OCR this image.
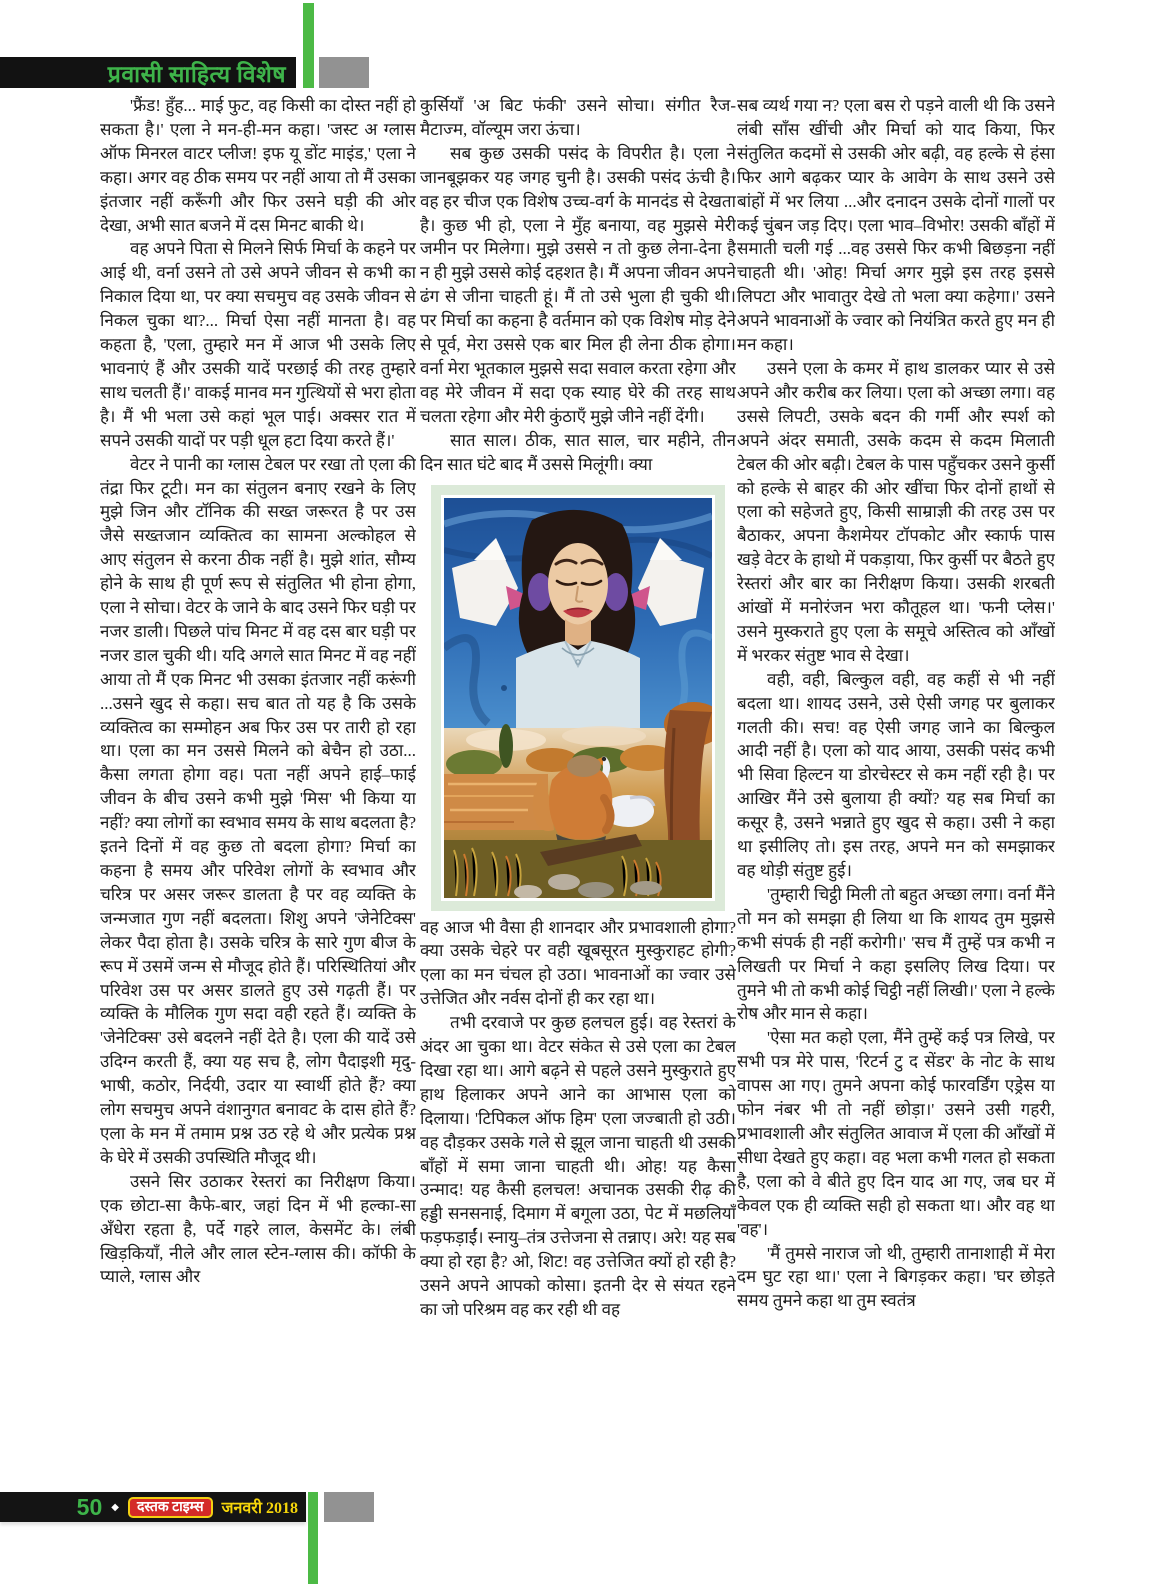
प्रवासी साहित्य विशेष

'फ्रैंड! हुँह... माई फुट, वह किसी का दोस्त नहीं हो सकता है।' एला ने मन-ही-मन कहा। 'जस्ट अ ग्लास ऑफ मिनरल वाटर प्लीज! इफ यू डोंट माइंड,' एला ने कहा। अगर वह ठीक समय पर नहीं आया तो मैं उसका इंतजार नहीं करूँगी और फिर उसने घड़ी की ओर देखा, अभी सात बजने में दस मिनट बाकी थे।

वह अपने पिता से मिलने सिर्फ मिर्चा के कहने पर आई थी, वर्ना उसने तो उसे अपने जीवन से कभी का निकाल दिया था, पर क्या सचमुच वह उसके जीवन से निकल चुका था?... मिर्चा ऐसा नहीं मानता है। वह कहता है, 'एला, तुम्हारे मन में आज भी उसके लिए भावनाएं हैं और उसकी यादें परछाई की तरह तुम्हारे साथ चलती हैं।' वाकई मानव मन गुत्थियों से भरा होता है। मैं भी भला उसे कहां भूल पाई। अक्सर रात में सपने उसकी यादों पर पड़ी धूल हटा दिया करते हैं।'

वेटर ने पानी का ग्लास टेबल पर रखा तो एला की तंद्रा फिर टूटी। मन का संतुलन बनाए रखने के लिए मुझे जिन और टॉनिक की सख्त जरूरत है पर उस जैसे सख्तजान व्यक्तित्व का सामना अल्कोहल से आए संतुलन से करना ठीक नहीं है। मुझे शांत, सौम्य होने के साथ ही पूर्ण रूप से संतुलित भी होना होगा, एला ने सोचा। वेटर के जाने के बाद उसने फिर घड़ी पर नजर डाली। पिछले पांच मिनट में वह दस बार घड़ी पर नजर डाल चुकी थी। यदि अगले सात मिनट में वह नहीं आया तो मैं एक मिनट भी उसका इंतजार नहीं करूंगी ...उसने खुद से कहा। सच बात तो यह है कि उसके व्यक्तित्व का सम्मोहन अब फिर उस पर तारी हो रहा था। एला का मन उससे मिलने को बेचैन हो उठा... कैसा लगता होगा वह। पता नहीं अपने हाई–फाई जीवन के बीच उसने कभी मुझे 'मिस' भी किया या नहीं? क्या लोगों का स्वभाव समय के साथ बदलता है? इतने दिनों में वह कुछ तो बदला होगा? मिर्चा का कहना है समय और परिवेश लोगों के स्वभाव और चरित्र पर असर जरूर डालता है पर वह व्यक्ति के जन्मजात गुण नहीं बदलता। शिशु अपने 'जेनेटिक्स' लेकर पैदा होता है। उसके चरित्र के सारे गुण बीज के रूप में उसमें जन्म से मौजूद होते हैं। परिस्थितियां और परिवेश उस पर असर डालते हुए उसे गढ़ती हैं। पर व्यक्ति के मौलिक गुण सदा वही रहते हैं। व्यक्ति के 'जेनेटिक्स' उसे बदलने नहीं देते है। एला की यादें उसे उदिग्न करती हैं, क्या यह सच है, लोग पैदाइशी मृदु-भाषी, कठोर, निर्दयी, उदार या स्वार्थी होते हैं? क्या लोग सचमुच अपने वंशानुगत बनावट के दास होते हैं? एला के मन में तमाम प्रश्न उठ रहे थे और प्रत्येक प्रश्न के घेरे में उसकी उपस्थिति मौजूद थी।

उसने सिर उठाकर रेस्तरां का निरीक्षण किया। एक छोटा-सा कैफे-बार, जहां दिन में भी हल्का-सा अँधेरा रहता है, पर्दे गहरे लाल, केसमेंट के। लंबी खिड़कियाँ, नीले और लाल स्टेन-ग्लास की। कॉफी के प्याले, ग्लास और

कुर्सियाँ 'अ बिट फंकी' उसने सोचा। संगीत रैज-मैटाज्म, वॉल्यूम जरा ऊंचा।

सब कुछ उसकी पसंद के विपरीत है। एला ने जानबूझकर यह जगह चुनी है। उसकी पसंद ऊंची है। वह हर चीज एक विशेष उच्च-वर्ग के मानदंड से देखता है। कुछ भी हो, एला ने मुँह बनाया, वह मुझसे मेरी जमीन पर मिलेगा। मुझे उससे न तो कुछ लेना-देना है न ही मुझे उससे कोई दहशत है। मैं अपना जीवन अपने ढंग से जीना चाहती हूं। मैं तो उसे भुला ही चुकी थी। पर मिर्चा का कहना है वर्तमान को एक विशेष मोड़ देने से पूर्व, मेरा उससे एक बार मिल ही लेना ठीक होगा। वर्ना मेरा भूतकाल मुझसे सदा सवाल करता रहेगा और वह मेरे जीवन में सदा एक स्याह घेरे की तरह साथ चलता रहेगा और मेरी कुंठाएँ मुझे जीने नहीं देंगी।

सात साल। ठीक, सात साल, चार महीने, तीन दिन सात घंटे बाद मैं उससे मिलूंगी। क्या

वह आज भी वैसा ही शानदार और प्रभावशाली होगा? क्या उसके चेहरे पर वही खूबसूरत मुस्कुराहट होगी? एला का मन चंचल हो उठा। भावनाओं का ज्वार उसे उत्तेजित और नर्वस दोनों ही कर रहा था।

तभी दरवाजे पर कुछ हलचल हुई। वह रेस्तरां के अंदर आ चुका था। वेटर संकेत से उसे एला का टेबल दिखा रहा था। आगे बढ़ने से पहले उसने मुस्कुराते हुए हाथ हिलाकर अपने आने का आभास एला को दिलाया। 'टिपिकल ऑफ हिम' एला जज्बाती हो उठी। वह दौड़कर उसके गले से झूल जाना चाहती थी उसकी बाँहों में समा जाना चाहती थी। ओह! यह कैसा उन्माद! यह कैसी हलचल! अचानक उसकी रीढ़ की हड्डी सनसनाई, दिमाग में बगूला उठा, पेट में मछलियाँ फड़फड़ाईं। स्नायु–तंत्र उत्तेजना से तन्नाए। अरे! यह सब क्या हो रहा है? ओ, शिट! वह उत्तेजित क्यों हो रही है? उसने अपने आपको कोसा। इतनी देर से संयत रहने का जो परिश्रम वह कर रही थी वह

सब व्यर्थ गया न? एला बस रो पड़ने वाली थी कि उसने लंबी साँस खींची और मिर्चा को याद किया, फिर संतुलित कदमों से उसकी ओर बढ़ी, वह हल्के से हंसा फिर आगे बढ़कर प्यार के आवेग के साथ उसने उसे बांहों में भर लिया ...और दनादन उसके दोनों गालों पर कई चुंबन जड़ दिए। एला भाव–विभोर! उसकी बाँहों में समाती चली गई ...वह उससे फिर कभी बिछड़ना नहीं चाहती थी। 'ओह! मिर्चा अगर मुझे इस तरह इससे लिपटा और भावातुर देखे तो भला क्या कहेगा।' उसने अपने भावनाओं के ज्वार को नियंत्रित करते हुए मन ही मन कहा।

उसने एला के कमर में हाथ डालकर प्यार से उसे अपने और करीब कर लिया। एला को अच्छा लगा। वह उससे लिपटी, उसके बदन की गर्मी और स्पर्श को अपने अंदर समाती, उसके कदम से कदम मिलाती टेबल की ओर बढ़ी। टेबल के पास पहुँचकर उसने कुर्सी को हल्के से बाहर की ओर खींचा फिर दोनों हाथों से एला को सहेजते हुए, किसी साम्राज्ञी की तरह उस पर बैठाकर, अपना कैशमेयर टॉपकोट और स्कार्फ पास खड़े वेटर के हाथो में पकड़ाया, फिर कुर्सी पर बैठते हुए रेस्तरां और बार का निरीक्षण किया। उसकी शरबती आंखों में मनोरंजन भरा कौतूहल था। 'फनी प्लेस।' उसने मुस्कराते हुए एला के समूचे अस्तित्व को आँखों में भरकर संतुष्ट भाव से देखा।

वही, वही, बिल्कुल वही, वह कहीं से भी नहीं बदला था। शायद उसने, उसे ऐसी जगह पर बुलाकर गलती की। सच! वह ऐसी जगह जाने का बिल्कुल आदी नहीं है। एला को याद आया, उसकी पसंद कभी भी सिवा हिल्टन या डोरचेस्टर से कम नहीं रही है। पर आखिर मैंने उसे बुलाया ही क्यों? यह सब मिर्चा का कसूर है, उसने भन्नाते हुए खुद से कहा। उसी ने कहा था इसीलिए तो। इस तरह, अपने मन को समझाकर वह थोड़ी संतुष्ट हुई।

'तुम्हारी चिट्ठी मिली तो बहुत अच्छा लगा। वर्ना मैंने तो मन को समझा ही लिया था कि शायद तुम मुझसे कभी संपर्क ही नहीं करोगी।' 'सच मैं तुम्हें पत्र कभी न लिखती पर मिर्चा ने कहा इसलिए लिख दिया। पर तुमने भी तो कभी कोई चिट्ठी नहीं लिखी।' एला ने हल्के रोष और मान से कहा।

'ऐसा मत कहो एला, मैंने तुम्हें कई पत्र लिखे, पर सभी पत्र मेरे पास, 'रिटर्न टु द सेंडर' के नोट के साथ वापस आ गए। तुमने अपना कोई फारवर्डिंग एड्रेस या फोन नंबर भी तो नहीं छोड़ा।' उसने उसी गहरी, प्रभावशाली और संतुलित आवाज में एला की आँखों में सीधा देखते हुए कहा। वह भला कभी गलत हो सकता है, एला को वे बीते हुए दिन याद आ गए, जब घर में केवल एक ही व्यक्ति सही हो सकता था। और वह था 'वह'।

'मैं तुमसे नाराज जो थी, तुम्हारी तानाशाही में मेरा दम घुट रहा था।' एला ने बिगड़कर कहा। 'घर छोड़ते समय तुमने कहा था तुम स्वतंत्र

50 ◆	दस्तक टाइम्स	जनवरी 2018
